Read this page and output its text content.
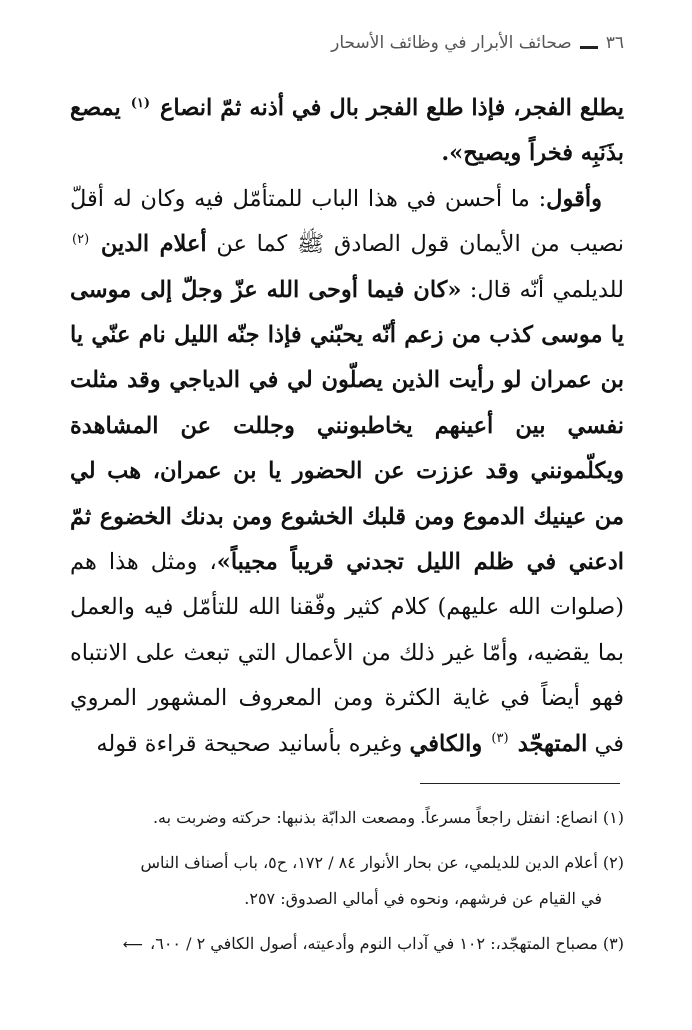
٣٦
صحائف الأبرار في وظائف الأسحار

يطلع الفجر، فإذا طلع الفجر بال في أذنه ثمّ انصاع $^{(١)}$ يمصع بذَنَبِه فخراً ويصيح».

وأقول: ما أحسن في هذا الباب للمتأمّل فيه وكان له أقلّ نصيب من الأيمان قول الصادق ﷺ كما عن أعلام الدين $^{(٢)}$ للديلمي أنّه قال: «كان فيما أوحى الله عزّ وجلّ إلى موسى يا موسى كذب من زعم أنّه يحبّني فإذا جنّه الليل نام عنّي يا بن عمران لو رأيت الذين يصلّون لي في الدياجي وقد مثلت نفسي بين أعينهم يخاطبونني وجللت عن المشاهدة ويكلّمونني وقد عززت عن الحضور يا بن عمران، هب لي من عينيك الدموع ومن قلبك الخشوع ومن بدنك الخضوع ثمّ ادعني في ظلم الليل تجدني قريباً مجيباً»، ومثل هذا هم (صلوات الله عليهم) كلام كثير وفّقنا الله للتأمّل فيه والعمل بما يقضيه، وأمّا غير ذلك من الأعمال التي تبعث على الانتباه فهو أيضاً في غاية الكثرة ومن المعروف المشهور المروي في المتهجّد $^{(٣)}$ والكافي وغيره بأسانيد صحيحة قراءة قوله

(١) انصاع: انفتل راجعاً مسرعاً. ومصعت الدابّة بذنبها: حركته وضربت به.

(٢) أعلام الدين للديلمي، عن بحار الأنوار ٨٤ / ١٧٢، ح٥، باب أصناف الناس

في القيام عن فرشهم، ونحوه في أمالي الصدوق: ٢٥٧.

(٣) مصباح المتهجّد،: ١٠٢ في آداب النوم وأدعيته، أصول الكافي ٢ / ٦٠٠، ⟵
